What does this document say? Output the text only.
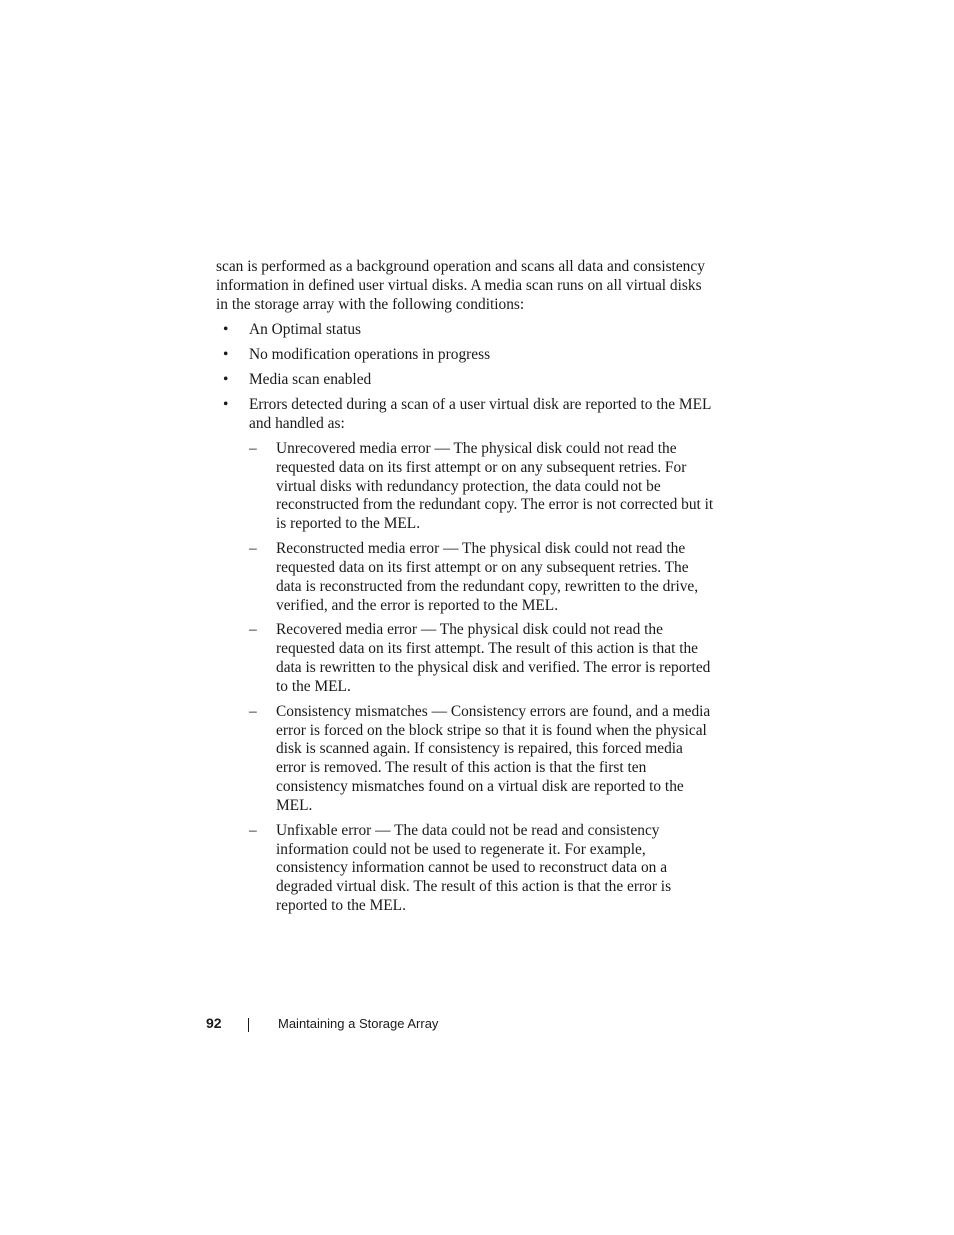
scan is performed as a background operation and scans all data and consistency information in defined user virtual disks. A media scan runs on all virtual disks in the storage array with the following conditions:

• An Optimal status
• No modification operations in progress
• Media scan enabled
• Errors detected during a scan of a user virtual disk are reported to the MEL and handled as:
– Unrecovered media error — The physical disk could not read the requested data on its first attempt or on any subsequent retries. For virtual disks with redundancy protection, the data could not be reconstructed from the redundant copy. The error is not corrected but it is reported to the MEL.
– Reconstructed media error — The physical disk could not read the requested data on its first attempt or on any subsequent retries. The data is reconstructed from the redundant copy, rewritten to the drive, verified, and the error is reported to the MEL.
– Recovered media error — The physical disk could not read the requested data on its first attempt. The result of this action is that the data is rewritten to the physical disk and verified. The error is reported to the MEL.
– Consistency mismatches — Consistency errors are found, and a media error is forced on the block stripe so that it is found when the physical disk is scanned again. If consistency is repaired, this forced media error is removed. The result of this action is that the first ten consistency mismatches found on a virtual disk are reported to the MEL.
– Unfixable error — The data could not be read and consistency information could not be used to regenerate it. For example, consistency information cannot be used to reconstruct data on a degraded virtual disk. The result of this action is that the error is reported to the MEL.
92	Maintaining a Storage Array
